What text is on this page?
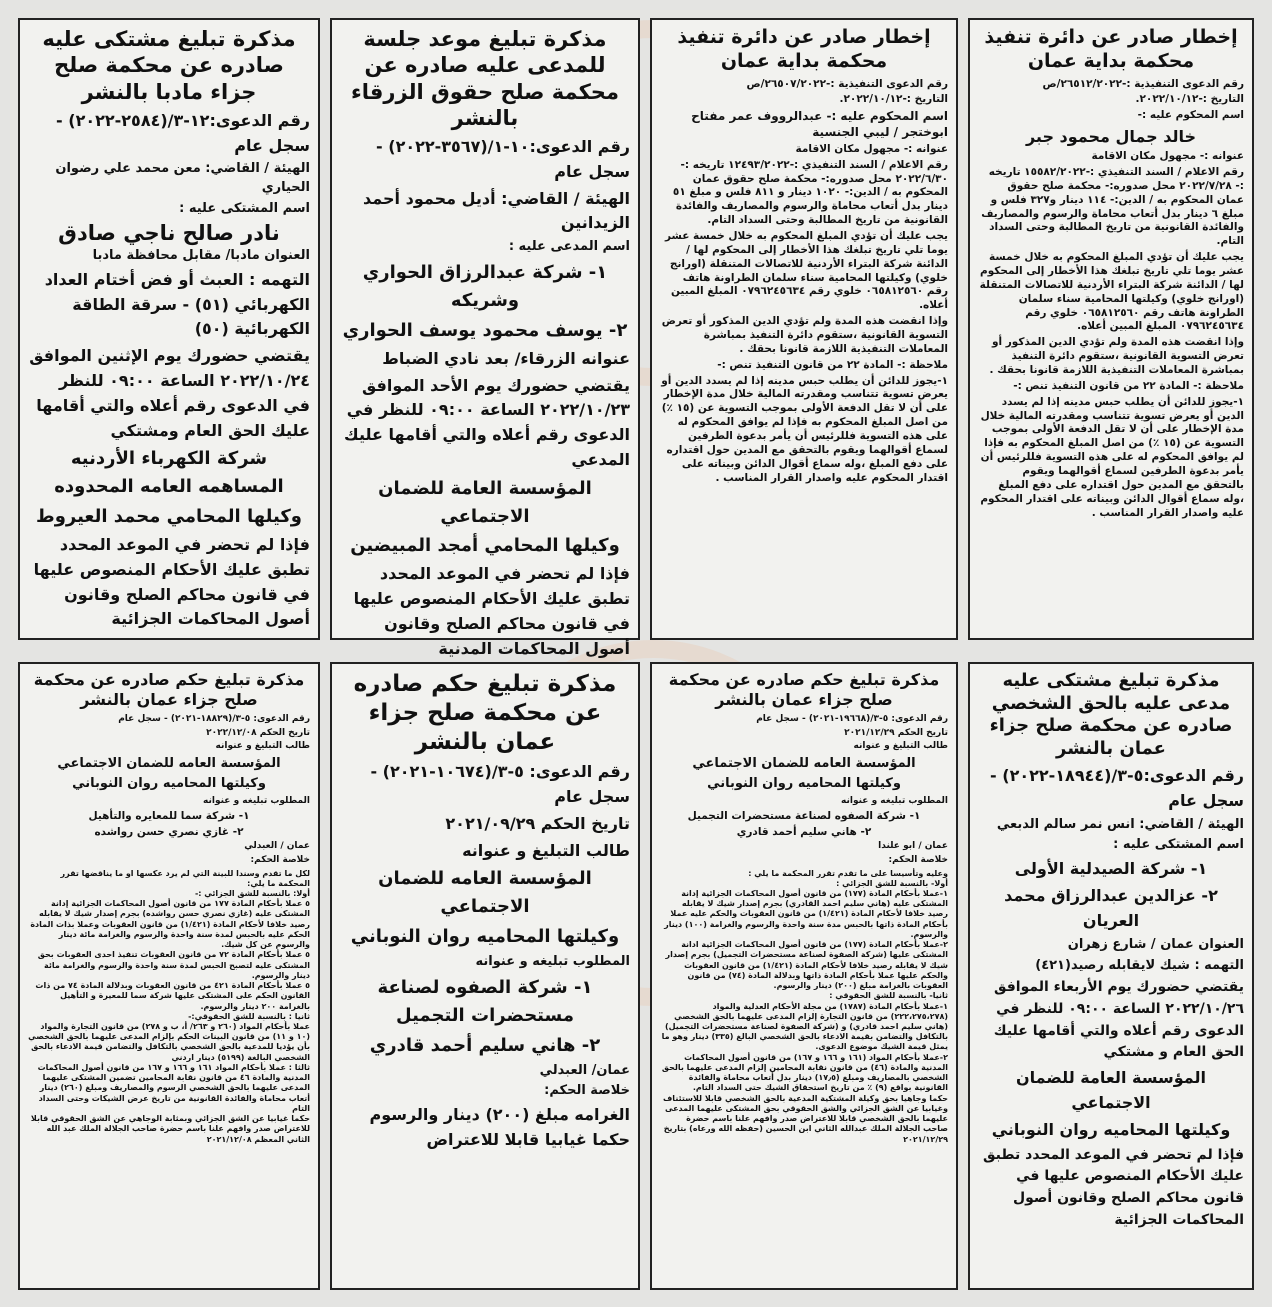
إخطار صادر عن دائرة تنفيذ محكمة بداية عمان

رقم الدعوى التنفيذية :-٢٦٥١٢/٢٠٢٢/ص

التاريخ :-٢٠٢٢/١٠/١٢.

اسم المحكوم عليه :-

خالد جمال محمود جبر

عنوانه :- مجهول مكان الاقامة

رقم الاعلام / السند التنفيذي :-١٥٥٨٢/٢٠٢٢ تاريخه :- ٢٠٢٢/٧/٢٨ محل صدوره:- محكمة صلح حقوق عمان المحكوم به / الدين:- ١١٤ دينار و٣٢٧ فلس و مبلغ ٦ دينار بدل أتعاب محاماة والرسوم والمصاريف والفائدة القانونية من تاريخ المطالبة وحتى السداد التام.

يجب عليك أن تؤدي المبلغ المحكوم به خلال خمسة عشر يوما تلي تاريخ تبلغك هذا الأخطار إلى المحكوم لها / الدائنة شركة البتراء الأردنية للاتصالات المتنقلة (اورانج خلوي) وكيلتها المحامية سناء سلمان الطراونة هاتف رقم ٠٦٥٨١٢٥٦٠ خلوي رقم ٠٧٩٦٢٤٥٦٣٤ المبلغ المبين أعلاه.

وإذا انقضت هذه المدة ولم تؤدي الدين المذكور أو تعرض التسوية القانونية ،ستقوم دائرة التنفيذ بمباشرة المعاملات التنفيذية اللازمة قانونا بحقك .

ملاحظة :- المادة ٢٢ من قانون التنفيذ تنص :-

١-يجوز للدائن أن يطلب حبس مدينه إذا لم يسدد الدين أو يعرض تسوية تتناسب ومقدرته المالية خلال مدة الإخطار على أن لا تقل الدفعة الأولى بموجب التسوية عن (١٥ ٪) من اصل المبلغ المحكوم به فإذا لم يوافق المحكوم له على هذه التسوية فللرئيس أن يأمر بدعوة الطرفين لسماع أقوالهما ويقوم بالتحقق مع المدين حول اقتداره على دفع المبلغ ،وله سماع أقوال الدائن وبيناته على اقتدار المحكوم عليه واصدار القرار المناسب .

إخطار صادر عن دائرة تنفيذ محكمة بداية عمان

رقم الدعوى التنفيذية :-٢٦٥٠٧/٢٠٢٢/ص

التاريخ :-٢٠٢٢/١٠/١٢.

اسم المحكوم عليه :- عبدالرووف عمر مفتاح ابوختجر / ليبي الجنسية

عنوانه :- مجهول مكان الاقامة

رقم الاعلام / السند التنفيذي :-١٢٤٩٣/٢٠٢٢ تاريخه :- ٢٠٢٢/٦/٣٠ محل صدوره:- محكمة صلح حقوق عمان المحكوم به / الدين:- ١٠٢٠ دينار و ٨١١ فلس و مبلغ ٥١ دينار بدل أتعاب محاماة والرسوم والمصاريف والفائدة القانونية من تاريخ المطالبة وحتى السداد التام.

يجب عليك أن تؤدي المبلغ المحكوم به خلال خمسة عشر يوما تلي تاريخ تبلغك هذا الأخطار إلى المحكوم لها / الدائنة شركة البتراء الأردنية للاتصالات المتنقلة (اورانج خلوي) وكيلتها المحامية سناء سلمان الطراونة هاتف رقم ٠٦٥٨١٢٥٦٠ خلوي رقم ٠٧٩٦٢٤٥٦٣٤ المبلغ المبين أعلاه.

وإذا انقضت هذه المدة ولم تؤدي الدين المذكور أو تعرض التسوية القانونية ،ستقوم دائرة التنفيذ بمباشرة المعاملات التنفيذية اللازمة قانونا بحقك .

ملاحظة :- المادة ٢٢ من قانون التنفيذ تنص :-

١-يجوز للدائن أن يطلب حبس مدينه إذا لم يسدد الدين أو يعرض تسوية تتناسب ومقدرته المالية خلال مدة الإخطار على أن لا تقل الدفعة الأولى بموجب التسوية عن (١٥ ٪) من اصل المبلغ المحكوم به فإذا لم يوافق المحكوم له على هذه التسوية فللرئيس أن يأمر بدعوة الطرفين لسماع أقوالهما ويقوم بالتحقق مع المدين حول اقتداره على دفع المبلغ ،وله سماع أقوال الدائن وبيناته على اقتدار المحكوم عليه واصدار القرار المناسب .

مذكرة تبليغ موعد جلسة للمدعى عليه صادره عن محكمة صلح حقوق الزرقاء بالنشر

رقم الدعوى:١٠-١/(٣٥٦٧-٢٠٢٢) - سجل عام

الهيئة / القاضي: أديل محمود أحمد الزيدانين

اسم المدعى عليه :

١- شركة عبدالرزاق الحواري وشريكه

٢- يوسف محمود يوسف الحواري

عنوانه الزرقاء/ بعد نادي الضباط

يقتضي حضورك يوم الأحد الموافق ٢٠٢٢/١٠/٢٣ الساعة ٠٩:٠٠ للنظر في الدعوى رقم أعلاه والتي أقامها عليك المدعي

المؤسسة العامة للضمان الاجتماعي

وكيلها المحامي أمجد المبيضين

فإذا لم تحضر في الموعد المحدد تطبق عليك الأحكام المنصوص عليها في قانون محاكم الصلح وقانون أصول المحاكمات المدنية

مذكرة تبليغ مشتكى عليه صادره عن محكمة صلح جزاء مادبا بالنشر

رقم الدعوى:١٢-٣/(٢٥٨٤-٢٠٢٢) - سجل عام

الهيئة / القاضي: معن محمد علي رضوان الحياري

اسم المشتكى عليه :

نادر صالح ناجي صادق

العنوان مادبا/ مقابل محافظة مادبا

التهمه : العبث أو فض أختام العداد الكهربائي (٥١) - سرقة الطاقة الكهربائية (٥٠)

يقتضي حضورك يوم الإثنين الموافق ٢٠٢٢/١٠/٢٤ الساعة ٠٩:٠٠ للنظر في الدعوى رقم أعلاه والتي أقامها عليك الحق العام ومشتكي

شركة الكهرباء الأردنيه المساهمه العامه المحدوده

وكيلها المحامي محمد العيروط

فإذا لم تحضر في الموعد المحدد تطبق عليك الأحكام المنصوص عليها في قانون محاكم الصلح وقانون أصول المحاكمات الجزائية

مذكرة تبليغ مشتكى عليه مدعى عليه بالحق الشخصي صادره عن محكمة صلح جزاء عمان بالنشر

رقم الدعوى:٥-٣/(١٨٩٤٤-٢٠٢٢) - سجل عام

الهيئة / القاضي: انس نمر سالم الدبعي

اسم المشتكى عليه :

١- شركة الصيدلية الأولى

٢- عزالدين عبدالرزاق محمد العريان

العنوان عمان / شارع زهران

التهمه : شيك لايقابله رصيد(٤٢١)

يقتضي حضورك يوم الأربعاء الموافق ٢٠٢٢/١٠/٢٦ الساعة ٠٩:٠٠ للنظر في الدعوى رقم أعلاه والتي أقامها عليك الحق العام و مشتكي

المؤسسة العامة للضمان الاجتماعي

وكيلتها المحاميه روان النوباني

فإذا لم تحضر في الموعد المحدد تطبق عليك الأحكام المنصوص عليها في قانون محاكم الصلح وقانون أصول المحاكمات الجزائية

مذكرة تبليغ حكم صادره عن محكمة صلح جزاء عمان بالنشر

رقم الدعوى: ٥-٣/(١٩٦٦٨-٢٠٢١) - سجل عام

تاريخ الحكم ٢٠٢١/١٢/٢٩

طالب التبليغ و عنوانه

المؤسسة العامه للضمان الاجتماعي

وكيلتها المحاميه روان النوباني

المطلوب تبليغه و عنوانه

١- شركة الصفوه لصناعة مستحضرات التجميل

٢- هاني سليم أحمد قادري

عمان / ابو علندا

خلاصة الحكم:

وعليه وتأسيسا على ما تقدم تقرر المحكمة ما يلي :
أولا- بالنسبة للشق الجزائي :
١-عملا بأحكام المادة (١٧٧) من قانون أصول المحاكمات الجزائية إدانة المشتكى عليه (هاني سليم احمد القادري) بجرم إصدار شيك لا يقابله رصيد خلافا لأحكام المادة (١/٤٢١) من قانون العقوبات والحكم عليه عملا بأحكام المادة ذاتها بالحبس مدة سنة واحدة والرسوم والغرامة (١٠٠) دينار والرسوم.
٢-عملا بأحكام المادة (١٧٧) من قانون أصول المحاكمات الجزائية ادانة المشتكى عليها (شركة الصفوة لصناعة مستحضرات التجميل) بجرم إصدار شيك لا يقابله رصيد خلافا لأحكام المادة (١/٤٢١) من قانون العقوبات والحكم عليها عملا بأحكام المادة ذاتها وبدلالة المادة (٧٤) من قانون العقوبات بالغرامة مبلغ (٢٠٠) دينار والرسوم.
ثانيا- بالنسبة للشق الحقوقي :
١-عملا بأحكام المادة (١٧٨٧) من مجلة الأحكام العدلية والمواد (٢٢٢،٢٧٥،٢٧٨) من قانون التجارة إلزام المدعى عليهما بالحق الشخصي (هاني سليم احمد قادري) و (شركة الصفوة لصناعة مستحضرات التجميل) بالتكافل والتضامن بقيمة الادعاء بالحق الشخصي البالغ (٣٣٥) دينار وهو ما يمثل قيمة الشيك موضوع الدعوى.
٢-عملا بأحكام المواد (١٦١ و ١٦٦ و ١٦٧) من قانون أصول المحاكمات المدنية والمادة (٤٦) من قانون نقابة المحامين إلزام المدعى عليهما بالحق الشخصي بالمصاريف ومبلغ (١٧٫٥) دينار بدل أتعاب محاماة والفائدة القانونية بواقع (٩) ٪ من تاريخ استحقاق الشيك حتى السداد التام.
حكما وجاهيا بحق وكيلة المشتكية المدعية بالحق الشخصي قابلا للاستئناف وغيابيا عن الشق الجزائي والشق الحقوقي بحق المشتكى عليهما المدعى عليهما بالحق الشخصي قابلا للاعتراض صدر وافهم علنا باسم حضرة صاحب الجلالة الملك عبدالله الثاني ابن الحسين (حفظه الله ورعاه) بتاريخ ٢٠٢١/١٢/٢٩

مذكرة تبليغ حكم صادره عن محكمة صلح جزاء عمان بالنشر

رقم الدعوى: ٥-٣/(١٠٦٧٤-٢٠٢١) - سجل عام

تاريخ الحكم ٢٠٢١/٠٩/٢٩

طالب التبليغ و عنوانه

المؤسسة العامه للضمان الاجتماعي

وكيلتها المحاميه روان النوباني

المطلوب تبليغه و عنوانه

١- شركة الصفوه لصناعة مستحضرات التجميل

٢- هاني سليم أحمد قادري

عمان/ العبدلي

خلاصة الحكم:

الغرامه مبلغ (٢٠٠) دينار والرسوم حكما غيابيا قابلا للاعتراض

مذكرة تبليغ حكم صادره عن محكمة صلح جزاء عمان بالنشر

رقم الدعوى: ٥-٣/(١٨٨٢٩-٢٠٢١) - سجل عام

تاريخ الحكم ٢٠٢٢/١٢/٠٨

طالب التبليغ و عنوانه

المؤسسة العامه للضمان الاجتماعي

وكيلتها المحاميه روان النوباني

المطلوب تبليغه و عنوانه

١- شركة سما للمعايره والتأهيل

٢- غازي نصري حسن رواشده

عمان / العبدلي

خلاصة الحكم:

لكل ما تقدم وسندا للبينة التي لم يرد عكسها او ما يناقضها تقرر المحكمة ما يلي:
أولا: بالنسبة للشق الجزائي :-
٥ عملا بأحكام المادة ١٧٧ من قانون أصول المحاكمات الجزائية إدانة المشتكى عليه (غازي نصري حسن رواشده) بجرم إصدار شيك لا يقابله رصيد خلافا لأحكام المادة (١/٤٢١) من قانون العقوبات وعملا بذات المادة الحكم عليه بالحبس لمدة سنة واحدة والرسوم والغرامة مائة دينار والرسوم عن كل شيك.
٥ عملا بأحكام المادة ٧٢ من قانون العقوبات تنفيذ احدى العقوبات بحق المشتكى عليه لتصبح الحبس لمدة سنة واحدة والرسوم والغرامة مائة دينار والرسوم.
٥ عملا بأحكام المادة ٤٢١ من قانون العقوبات وبدلالة المادة ٧٤ من ذات القانون الحكم على المشتكى عليها شركة سما للمعيرة و التأهيل بالغرامة ٢٠٠ دينار والرسوم.
ثانيا : بالنسبة للشق الحقوقي:-
عملا بأحكام المواد (٢٦٠ و ٢٦٣/ أ، ب و ٢٧٨) من قانون التجارة والمواد (١٠ و ١١) من قانون البينات الحكم بإلزام المدعى عليهما بالحق الشخصي بأن يؤديا للمدعية بالحق الشخصي بالتكافل والتضامن قيمة الادعاء بالحق الشخصي البالغة (٥١٩٩) دينار اردني
ثالثا : عملا بأحكام المواد ١٦١ و ١٦٦ و ١٦٧ من قانون أصول المحاكمات المدنية والمادة ٤٦ من قانون نقابة المحامين تضمين المشتكى عليهما المدعى عليهما بالحق الشخصي الرسوم والمصاريف ومبلغ (٢٦٠) دينار أتعاب محاماة والفائدة القانونية من تاريخ عرض الشيكات وحتى السداد التام
حكما غيابيا عن الشق الجزائي وبمثابة الوجاهي عن الشق الحقوقي قابلا للاعتراض صدر وافهم علنا باسم حضرة صاحب الجلالة الملك عبد الله الثاني المعظم ٢٠٢١/١٢/٠٨
